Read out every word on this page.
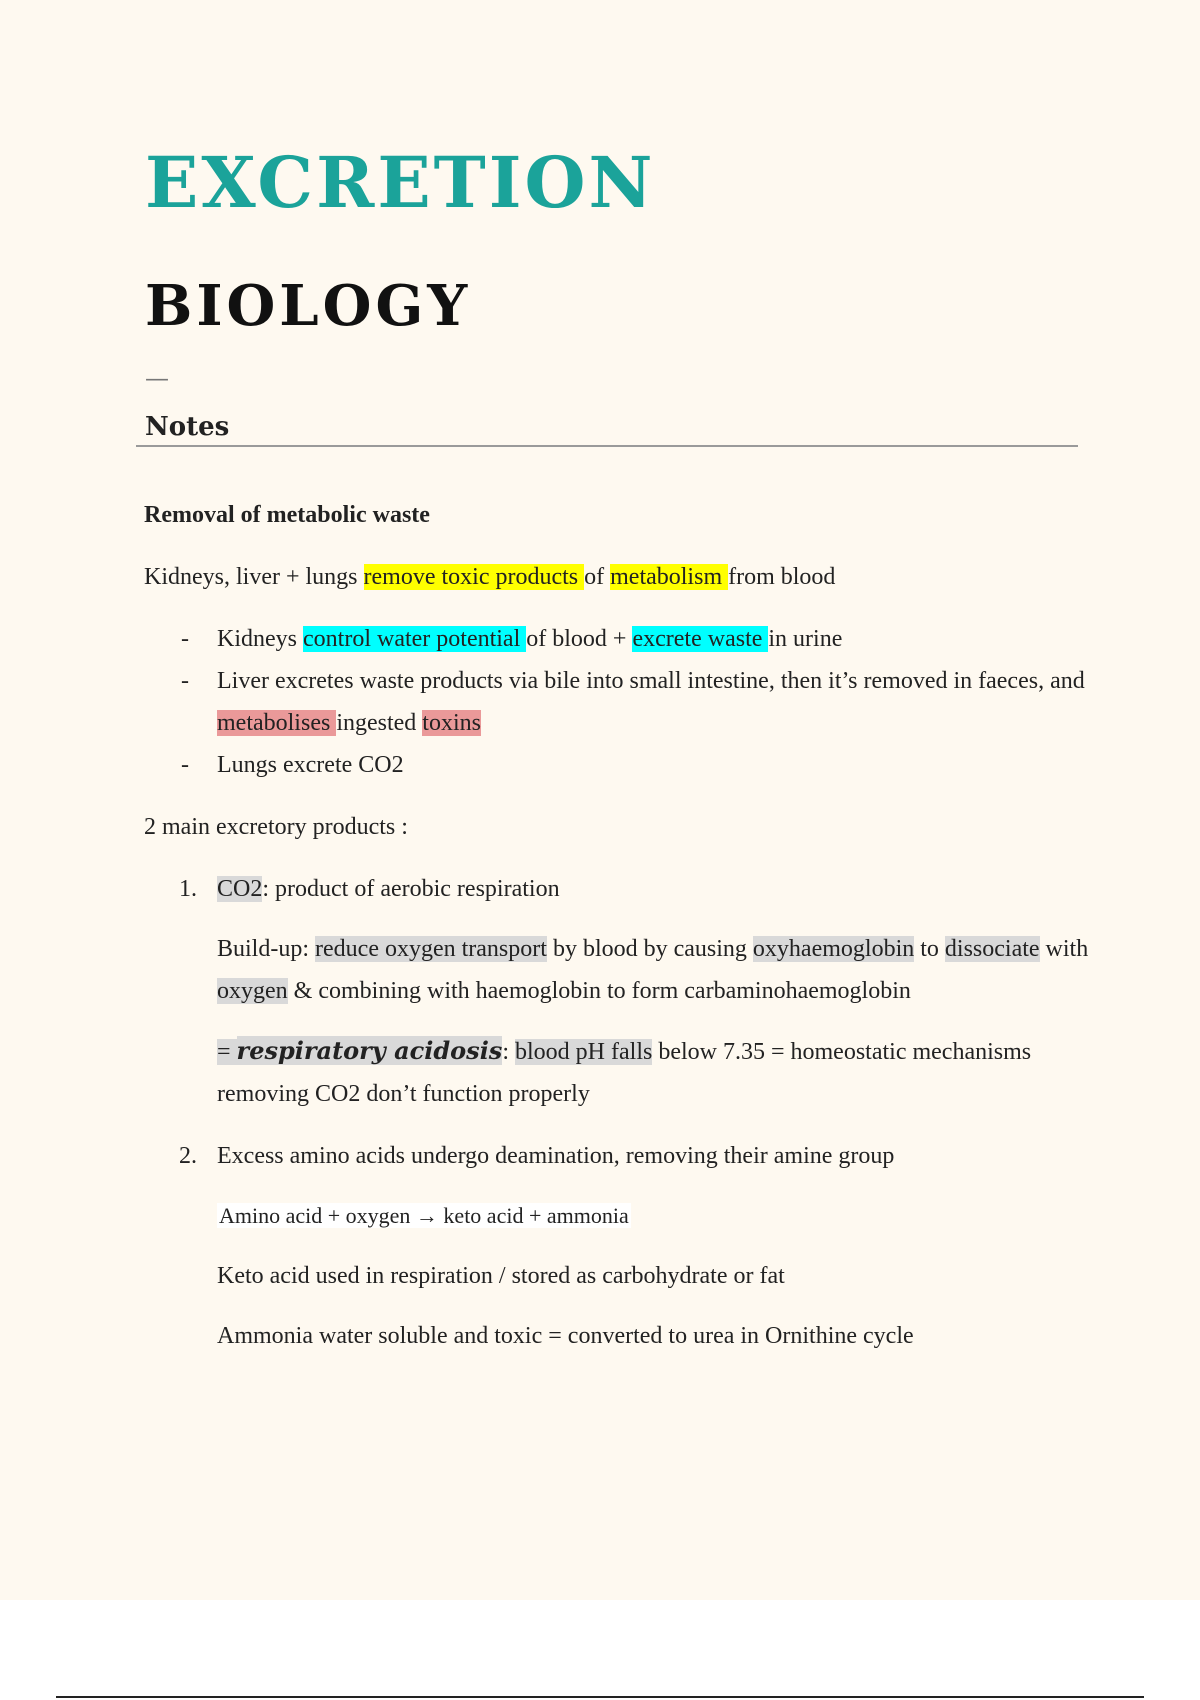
EXCRETION
BIOLOGY
—
Notes

Removal of metabolic waste

Kidneys, liver + lungs remove toxic products of metabolism from blood

- Kidneys control water potential of blood + excrete waste in urine
- Liver excretes waste products via bile into small intestine, then it’s removed in faeces, and metabolises ingested toxins
- Lungs excrete CO2

2 main excretory products :

1. CO2: product of aerobic respiration

Build-up: reduce oxygen transport by blood by causing oxyhaemoglobin to dissociate with oxygen & combining with haemoglobin to form carbaminohaemoglobin

= respiratory acidosis: blood pH falls below 7.35 = homeostatic mechanisms removing CO2 don’t function properly

2. Excess amino acids undergo deamination, removing their amine group

Amino acid + oxygen → keto acid + ammonia

Keto acid used in respiration / stored as carbohydrate or fat

Ammonia water soluble and toxic = converted to urea in Ornithine cycle
